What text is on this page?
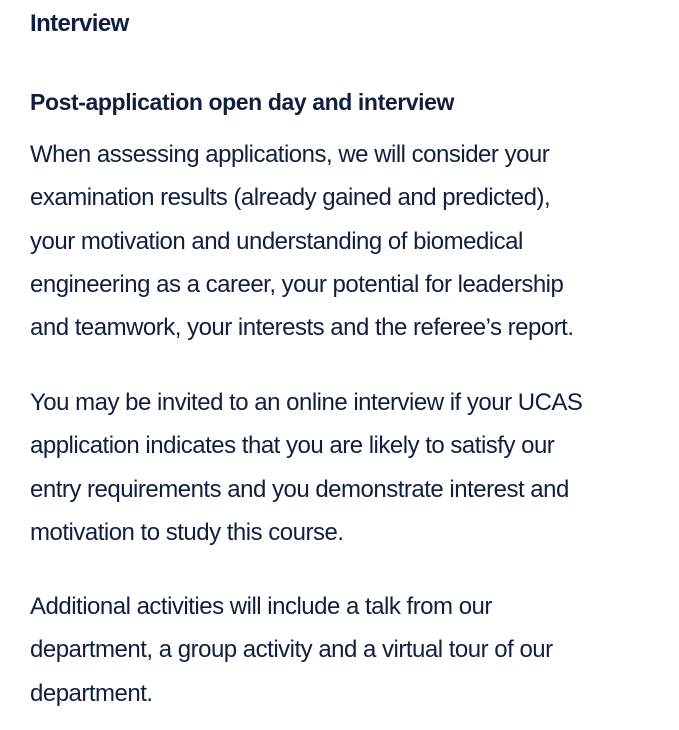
Interview
Post-application open day and interview

When assessing applications, we will consider your
examination results (already gained and predicted),
your motivation and understanding of biomedical
engineering as a career, your potential for leadership
and teamwork, your interests and the referee’s report.

You may be invited to an online interview if your UCAS
application indicates that you are likely to satisfy our
entry requirements and you demonstrate interest and
motivation to study this course.

Additional activities will include a talk from our
department, a group activity and a virtual tour of our
department.
